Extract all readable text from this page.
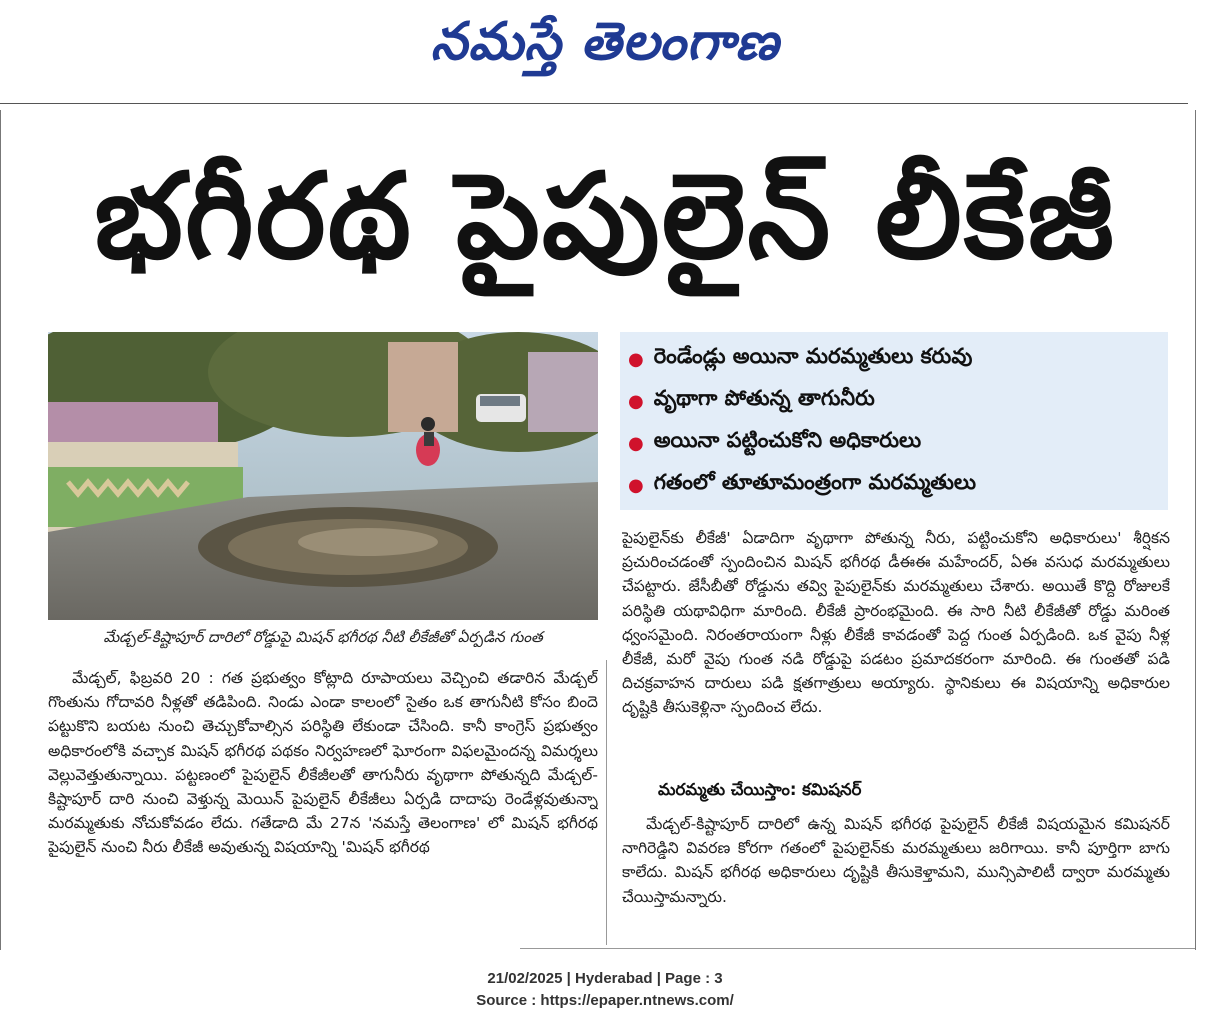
నమస్తే తెలంగాణ
భగీరథ పైపులైన్ లీకేజీ
మేడ్చల్-కిష్టాపూర్ దారిలో రోడ్డుపై మిషన్ భగీరథ నీటి లీకేజీతో ఏర్పడిన గుంత
● రెండేండ్లు అయినా మరమ్మతులు కరువు
● వృథాగా పోతున్న తాగునీరు
● అయినా పట్టించుకోని అధికారులు
● గతంలో తూతూమంత్రంగా మరమ్మతులు
పైపులైన్‌కు లీకేజీ' ఏడాదిగా వృథాగా పోతున్న నీరు, పట్టించుకోని అధికారులు' శీర్షికన ప్రచురించడంతో స్పందించిన మిషన్ భగీరథ డీఈఈ మహేందర్, ఏఈ వసుధ మరమ్మతులు చేపట్టారు. జేసీబీతో రోడ్డును తవ్వి పైపులైన్‌కు మరమ్మతులు చేశారు. అయితే కొద్ది రోజులకే పరిస్థితి యథావిధిగా మారింది. లీకేజీ ప్రారంభమైంది. ఈ సారి నీటి లీకేజీతో రోడ్డు మరింత ధ్వంసమైంది. నిరంతరాయంగా నీళ్లు లీకేజీ కావడంతో పెద్ద గుంత ఏర్పడింది. ఒక వైపు నీళ్ల లీకేజీ, మరో వైపు గుంత నడి రోడ్డుపై పడటం ప్రమాదకరంగా మారింది. ఈ గుంతతో పడి దిచక్రవాహన దారులు పడి క్షతగాత్రులు అయ్యారు. స్థానికులు ఈ విషయాన్ని అధికారుల దృష్టికి తీసుకెళ్లినా స్పందించ లేదు.
మరమ్మతు చేయిస్తాం: కమిషనర్
మేడ్చల్-కిష్టాపూర్ దారిలో ఉన్న మిషన్ భగీరథ పైపులైన్ లీకేజీ విషయమైన కమిషనర్ నాగిరెడ్డిని వివరణ కోరగా గతంలో పైపులైన్‌కు మరమ్మతులు జరిగాయి. కానీ పూర్తిగా బాగు కాలేదు. మిషన్ భగీరథ అధికారులు దృష్టికి తీసుకెళ్తామని, మున్సిపాలిటీ ద్వారా మరమ్మతు చేయిస్తామన్నారు.
మేడ్చల్, ఫిబ్రవరి 20 : గత ప్రభుత్వం కోట్లాది రూపాయలు వెచ్చించి తడారిన మేడ్చల్ గొంతును గోదావరి నీళ్లతో తడిపింది. నిండు ఎండా కాలంలో సైతం ఒక తాగునీటి కోసం బిందె పట్టుకొని బయట నుంచి తెచ్చుకోవాల్సిన పరిస్థితి లేకుండా చేసింది. కానీ కాంగ్రెస్ ప్రభుత్వం అధికారంలోకి వచ్చాక మిషన్ భగీరథ పథకం నిర్వహణలో ఘోరంగా విఫలమైందన్న విమర్శలు వెల్లువెత్తుతున్నాయి. పట్టణంలో పైపులైన్ లీకేజీలతో తాగునీరు వృథాగా పోతున్నది మేడ్చల్-కిష్టాపూర్ దారి నుంచి వెళ్తున్న మెయిన్ పైపులైన్ లీకేజీలు ఏర్పడి దాదాపు రెండేళ్లవుతున్నా మరమ్మతుకు నోచుకోవడం లేదు. గతేడాది మే 27న 'నమస్తే తెలంగాణ' లో మిషన్ భగీరథ పైపులైన్ నుంచి నీరు లీకేజీ అవుతున్న విషయాన్ని 'మిషన్ భగీరథ
21/02/2025 | Hyderabad | Page : 3
Source : https://epaper.ntnews.com/
